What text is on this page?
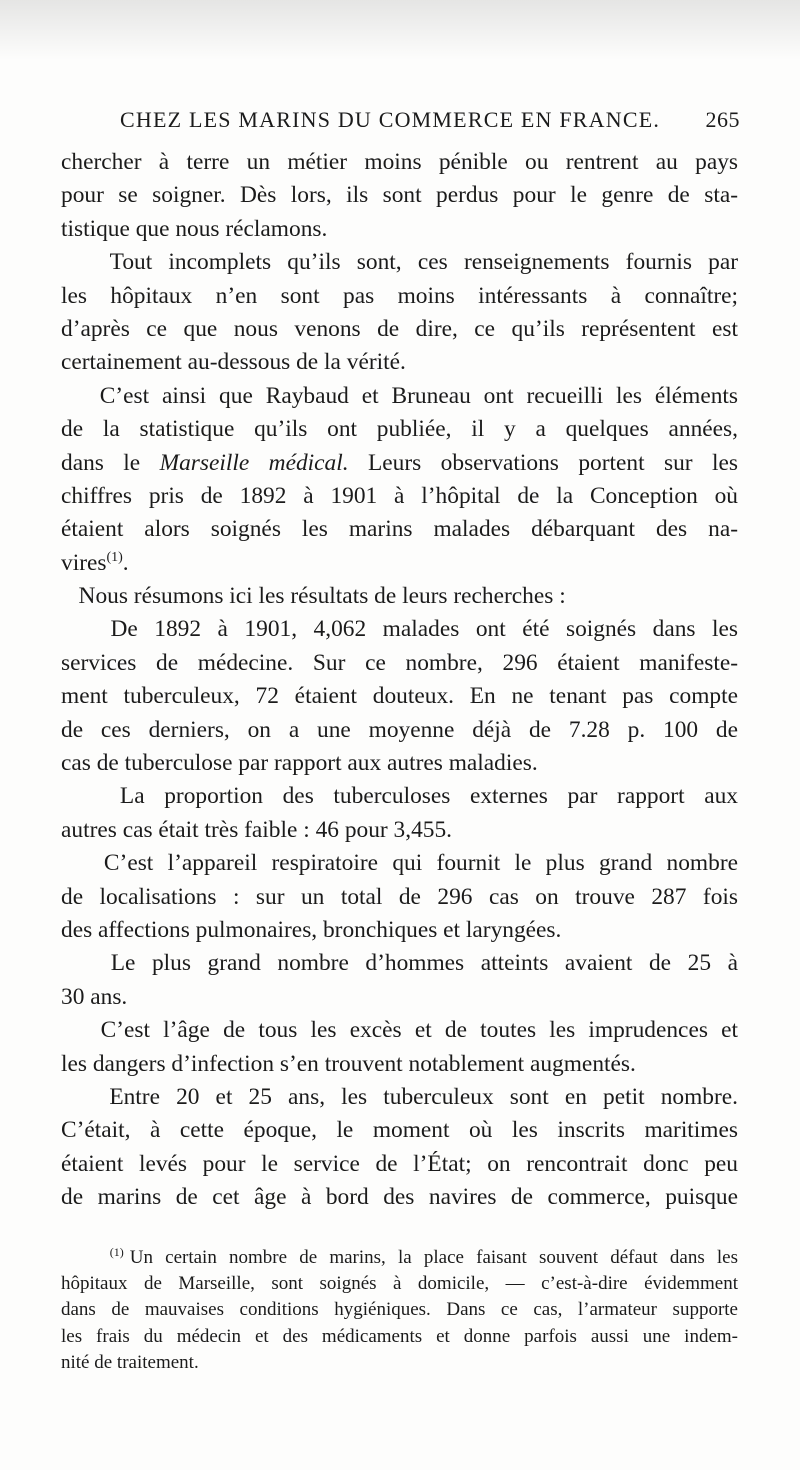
CHEZ LES MARINS DU COMMERCE EN FRANCE. 265
chercher à terre un métier moins pénible ou rentrent au pays
pour se soigner. Dès lors, ils sont perdus pour le genre de sta-
tistique que nous réclamons.
Tout incomplets qu’ils sont, ces renseignements fournis par
les hôpitaux n’en sont pas moins intéressants à connaître;
d’après ce que nous venons de dire, ce qu’ils représentent est
certainement au-dessous de la vérité.
C’est ainsi que Raybaud et Bruneau ont recueilli les éléments
de la statistique qu’ils ont publiée, il y a quelques années,
dans le Marseille médical. Leurs observations portent sur les
chiffres pris de 1892 à 1901 à l’hôpital de la Conception où
étaient alors soignés les marins malades débarquant des na-
vires$^{(1)}$.
Nous résumons ici les résultats de leurs recherches :
De 1892 à 1901, 4,062 malades ont été soignés dans les
services de médecine. Sur ce nombre, 296 étaient manifeste-
ment tuberculeux, 72 étaient douteux. En ne tenant pas compte
de ces derniers, on a une moyenne déjà de 7.28 p. 100 de
cas de tuberculose par rapport aux autres maladies.
La proportion des tuberculoses externes par rapport aux
autres cas était très faible : 46 pour 3,455.
C’est l’appareil respiratoire qui fournit le plus grand nombre
de localisations : sur un total de 296 cas on trouve 287 fois
des affections pulmonaires, bronchiques et laryngées.
Le plus grand nombre d’hommes atteints avaient de 25 à
30 ans.
C’est l’âge de tous les excès et de toutes les imprudences et
les dangers d’infection s’en trouvent notablement augmentés.
Entre 20 et 25 ans, les tuberculeux sont en petit nombre.
C’était, à cette époque, le moment où les inscrits maritimes
étaient levés pour le service de l’État; on rencontrait donc peu
de marins de cet âge à bord des navires de commerce, puisque
$^{(1)}$ Un certain nombre de marins, la place faisant souvent défaut dans les
hôpitaux de Marseille, sont soignés à domicile, — c’est-à-dire évidemment
dans de mauvaises conditions hygiéniques. Dans ce cas, l’armateur supporte
les frais du médecin et des médicaments et donne parfois aussi une indem-
nité de traitement.
